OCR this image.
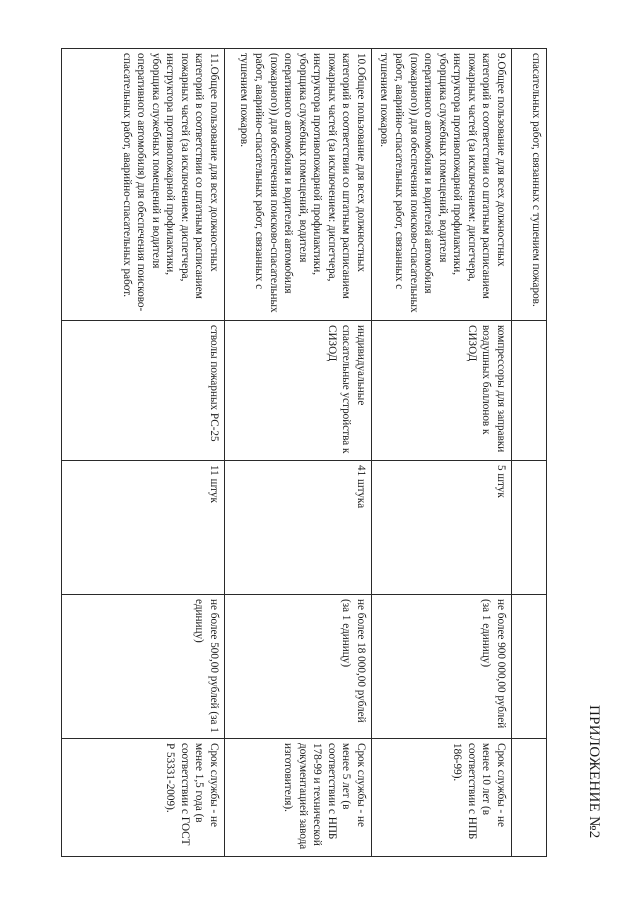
ПРИЛОЖЕНИЕ №2
спасательных работ, связанных с тушением пожаров.				
9.Общее пользование для всех должностных категорий в соответствии со штатным расписанием пожарных частей (за исключением: диспетчера, инструктора противопожарной профилактики, уборщика служебных помещений, водителя оперативного автомобиля и водителей автомобиля (пожарного)) для обеспечения поисково-спасательных работ, аварийно-спасательных работ, связанных с тушением пожаров.	компрессоры для заправки воздушных баллонов к СИЗОД	5 штук	не более 900 000,00 рублей (за 1 единицу)	Срок службы - не менее 10 лет (в соответствии с НПБ 186-99).
10.Общее пользование для всех должностных категорий в соответствии со штатным расписанием пожарных частей (за исключением: диспетчера, инструктора противопожарной профилактики, уборщика служебных помещений, водителя оперативного автомобиля и водителей автомобиля (пожарного)) для обеспечения поисково-спасательных работ, аварийно-спасательных работ, связанных с тушением пожаров.	индивидуальные спасательные устройства к СИЗОД	41 штука	не более 18 000,00 рублей (за 1 единицу)	Срок службы - не менее 5 лет (в соответствии с НПБ 178-99 и технической документацией завода изготовителя).
11.Общее пользование для всех должностных категорий в соответствии со штатным расписанием пожарных частей (за исключением: диспетчера, инструктора противопожарной профилактики, уборщика служебных помещений и водителя оперативного автомобиля) для обеспечения поисково-спасательных работ, аварийно-спасательных работ.	стволы пожарных РС-25	11 штук	не более 500,00 рублей (за 1 единицу)	Срок службы - не менее 1,5 года (в соответствии с ГОСТ Р 53331-2009).
